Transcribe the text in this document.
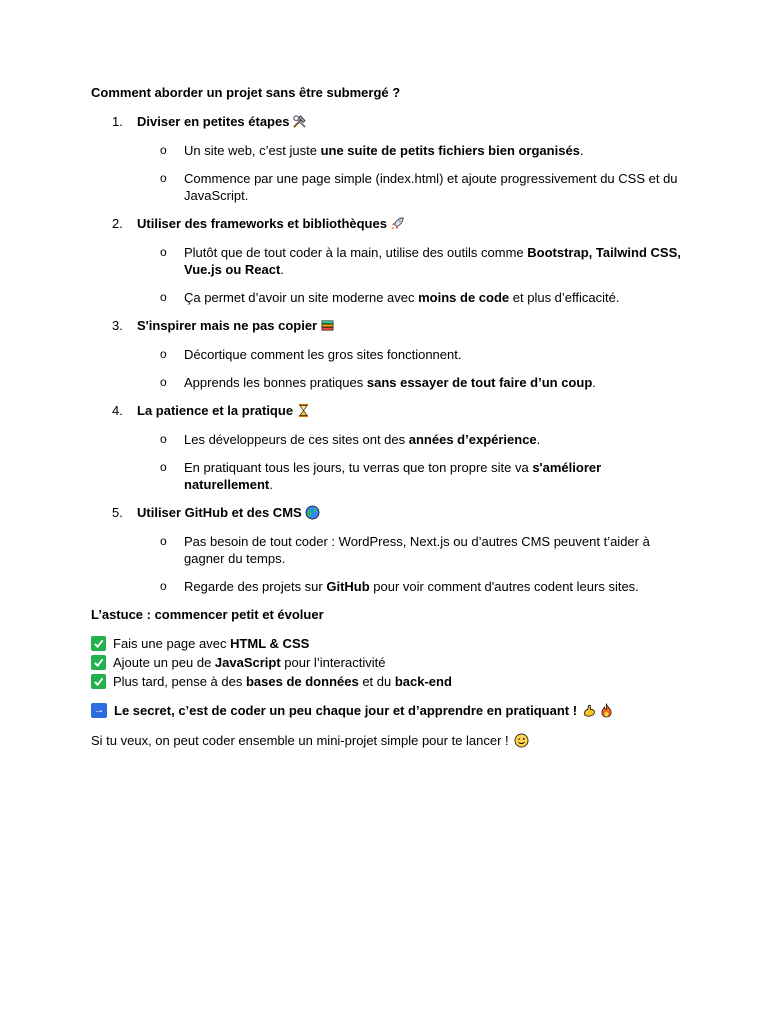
Comment aborder un projet sans être submergé ?

1. Diviser en petites étapes
o Un site web, c’est juste une suite de petits fichiers bien organisés.
o Commence par une page simple (index.html) et ajoute progressivement du CSS et du JavaScript.
2. Utiliser des frameworks et bibliothèques
o Plutôt que de tout coder à la main, utilise des outils comme Bootstrap, Tailwind CSS, Vue.js ou React.
o Ça permet d’avoir un site moderne avec moins de code et plus d’efficacité.
3. S'inspirer mais ne pas copier
o Décortique comment les gros sites fonctionnent.
o Apprends les bonnes pratiques sans essayer de tout faire d’un coup.
4. La patience et la pratique
o Les développeurs de ces sites ont des années d’expérience.
o En pratiquant tous les jours, tu verras que ton propre site va s'améliorer naturellement.
5. Utiliser GitHub et des CMS
o Pas besoin de tout coder : WordPress, Next.js ou d’autres CMS peuvent t’aider à gagner du temps.
o Regarde des projets sur GitHub pour voir comment d'autres codent leurs sites.
L’astuce : commencer petit et évoluer
Fais une page avec HTML & CSS
Ajoute un peu de JavaScript pour l’interactivité
Plus tard, pense à des bases de données et du back-end
→ Le secret, c’est de coder un peu chaque jour et d’apprendre en pratiquant !
Si tu veux, on peut coder ensemble un mini-projet simple pour te lancer !
